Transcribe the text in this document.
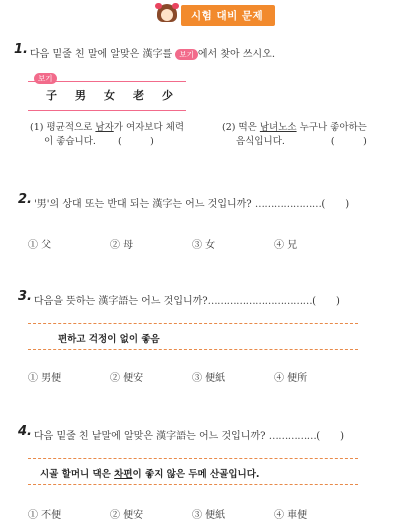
시험 대비 문제
1. 다음 밑줄 친 말에 알맞은 漢字를 보기 에서 찾아 쓰시오.
보기
子 男 女 老 少
(1) 평균적으로 남자가 여자보다 체력
이 좋습니다. (　　　)
(2) 떡은 남녀노소 누구나 좋아하는
음식입니다.	(　　　)
2. '男'의 상대 또는 반대 되는 漢字는 어느 것입니까? …………………(　　)
① 父	② 母	③ 女	④ 兄
3. 다음을 뜻하는 漢字語는 어느 것입니까?……………………………(　　)
편하고 걱정이 없이 좋음
① 男便	② 便安	③ 便紙	④ 便所
4. 다음 밑줄 친 낱말에 알맞은 漢字語는 어느 것입니까? ……………(　　)
시골 할머니 댁은 차편이 좋지 않은 두메 산골입니다.
① 不便	② 便安	③ 便紙	④ 車便
